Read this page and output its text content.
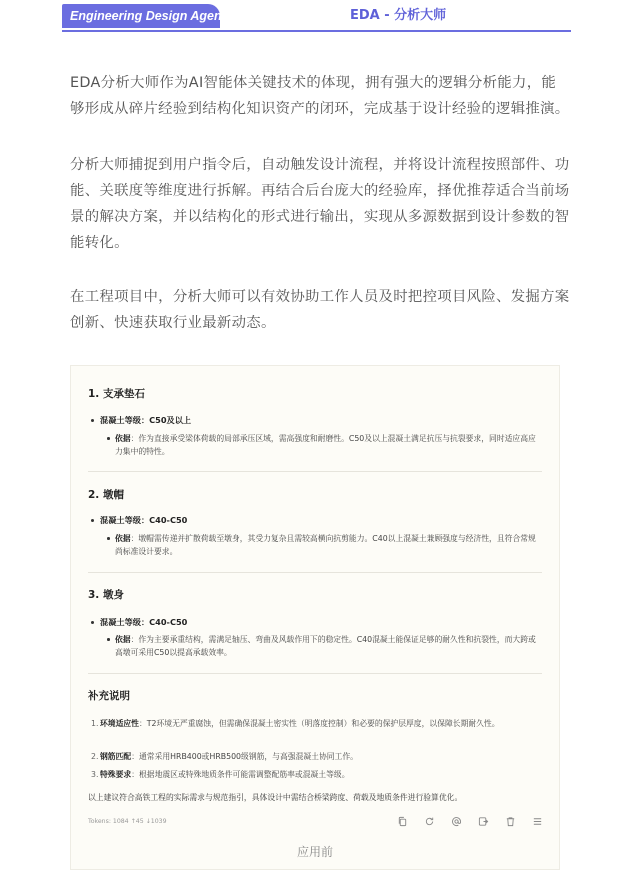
Engineering Design Agent	EDA - 分析大师

EDA分析大师作为AI智能体关键技术的体现，拥有强大的逻辑分析能力，能够形成从碎片经验到结构化知识资产的闭环，完成基于设计经验的逻辑推演。

分析大师捕捉到用户指令后，自动触发设计流程，并将设计流程按照部件、功能、关联度等维度进行拆解。再结合后台庞大的经验库，择优推荐适合当前场景的解决方案，并以结构化的形式进行输出，实现从多源数据到设计参数的智能转化。

在工程项目中，分析大师可以有效协助工作人员及时把控项目风险、发掘方案创新、快速获取行业最新动态。

1. 支承垫石
混凝土等级：C50及以上
依据：作为直接承受梁体荷载的局部承压区域，需高强度和耐磨性。C50及以上混凝土满足抗压与抗裂要求，同时适应高应力集中的特性。
2. 墩帽
混凝土等级：C40-C50
依据：墩帽需传递并扩散荷载至墩身，其受力复杂且需较高横向抗剪能力。C40以上混凝土兼顾强度与经济性，且符合常规尚标准设计要求。
3. 墩身
混凝土等级：C40-C50
依据：作为主要承重结构，需满足轴压、弯曲及风载作用下的稳定性。C40混凝土能保证足够的耐久性和抗裂性，而大跨或高墩可采用C50以提高承载效率。
补充说明
1. 环境适应性：T2环境无严重腐蚀，但需确保混凝土密实性（明落度控制）和必要的保护层厚度，以保障长期耐久性。
2. 钢筋匹配：通常采用HRB400或HRB500级钢筋，与高强混凝土协同工作。
3. 特殊要求：根据地震区或特殊地质条件可能需调整配筋率或混凝土等级。
以上建议符合高铁工程的实际需求与规范指引，具体设计中需结合桥梁跨度、荷载及地质条件进行验算优化。
Tokens: 1084 ↑45 ↓1039

应用前
